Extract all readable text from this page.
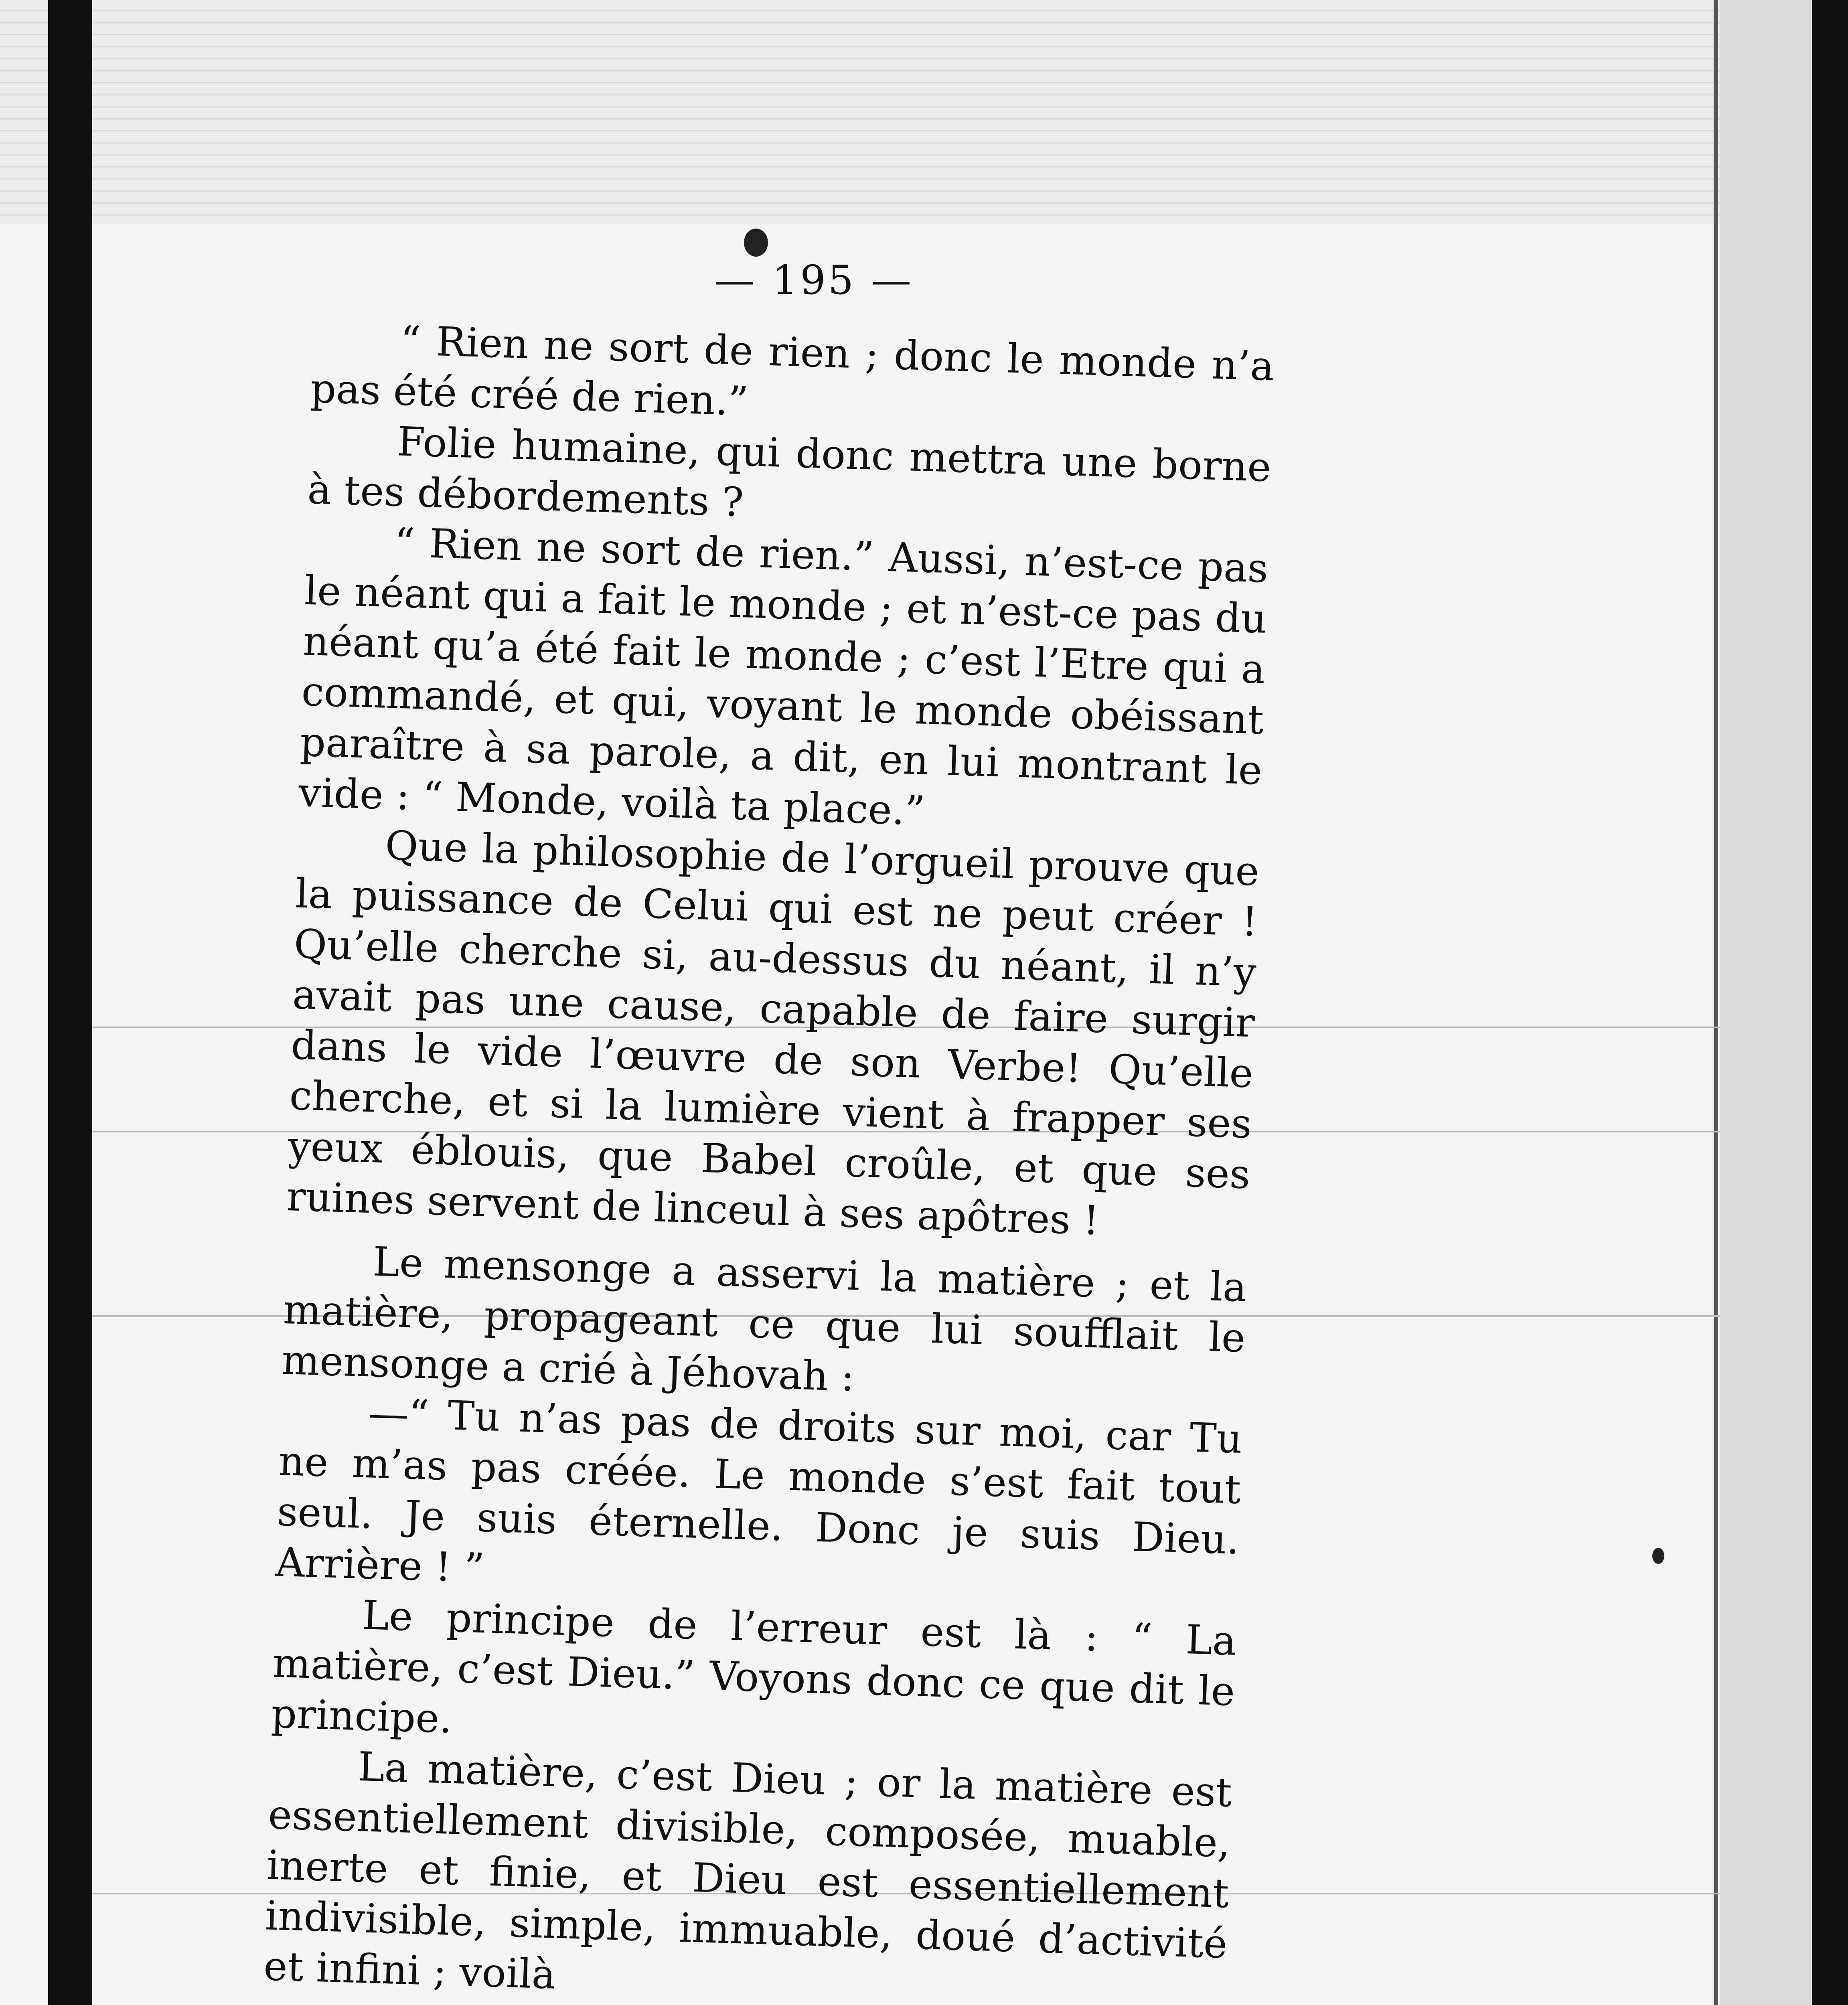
— 195 —

“ Rien ne sort de rien ; donc le monde n’a pas été créé de rien.”

Folie humaine, qui donc mettra une borne à tes débordements ?

“ Rien ne sort de rien.” Aussi, n’est-ce pas le néant qui a fait le monde ; et n’est-ce pas du néant qu’a été fait le monde ; c’est l’Etre qui a commandé, et qui, voyant le monde obéissant paraître à sa parole, a dit, en lui montrant le vide : “ Monde, voilà ta place.”

Que la philosophie de l’orgueil prouve que la puissance de Celui qui est ne peut créer ! Qu’elle cherche si, au-dessus du néant, il n’y avait pas une cause, capable de faire surgir dans le vide l’œuvre de son Verbe! Qu’elle cherche, et si la lumière vient à frapper ses yeux éblouis, que Babel croûle, et que ses ruines servent de linceul à ses apôtres !

Le mensonge a asservi la matière ; et la matière, propageant ce que lui soufflait le mensonge a crié à Jéhovah :

—“ Tu n’as pas de droits sur moi, car Tu ne m’as pas créée. Le monde s’est fait tout seul. Je suis éternelle. Donc je suis Dieu. Arrière ! ”

Le principe de l’erreur est là : “ La matière, c’est Dieu.” Voyons donc ce que dit le principe.

La matière, c’est Dieu ; or la matière est essentiellement divisible, composée, muable, inerte et finie, et Dieu est essentiellement indivisible, simple, immuable, doué d’activité et infini ; voilà
